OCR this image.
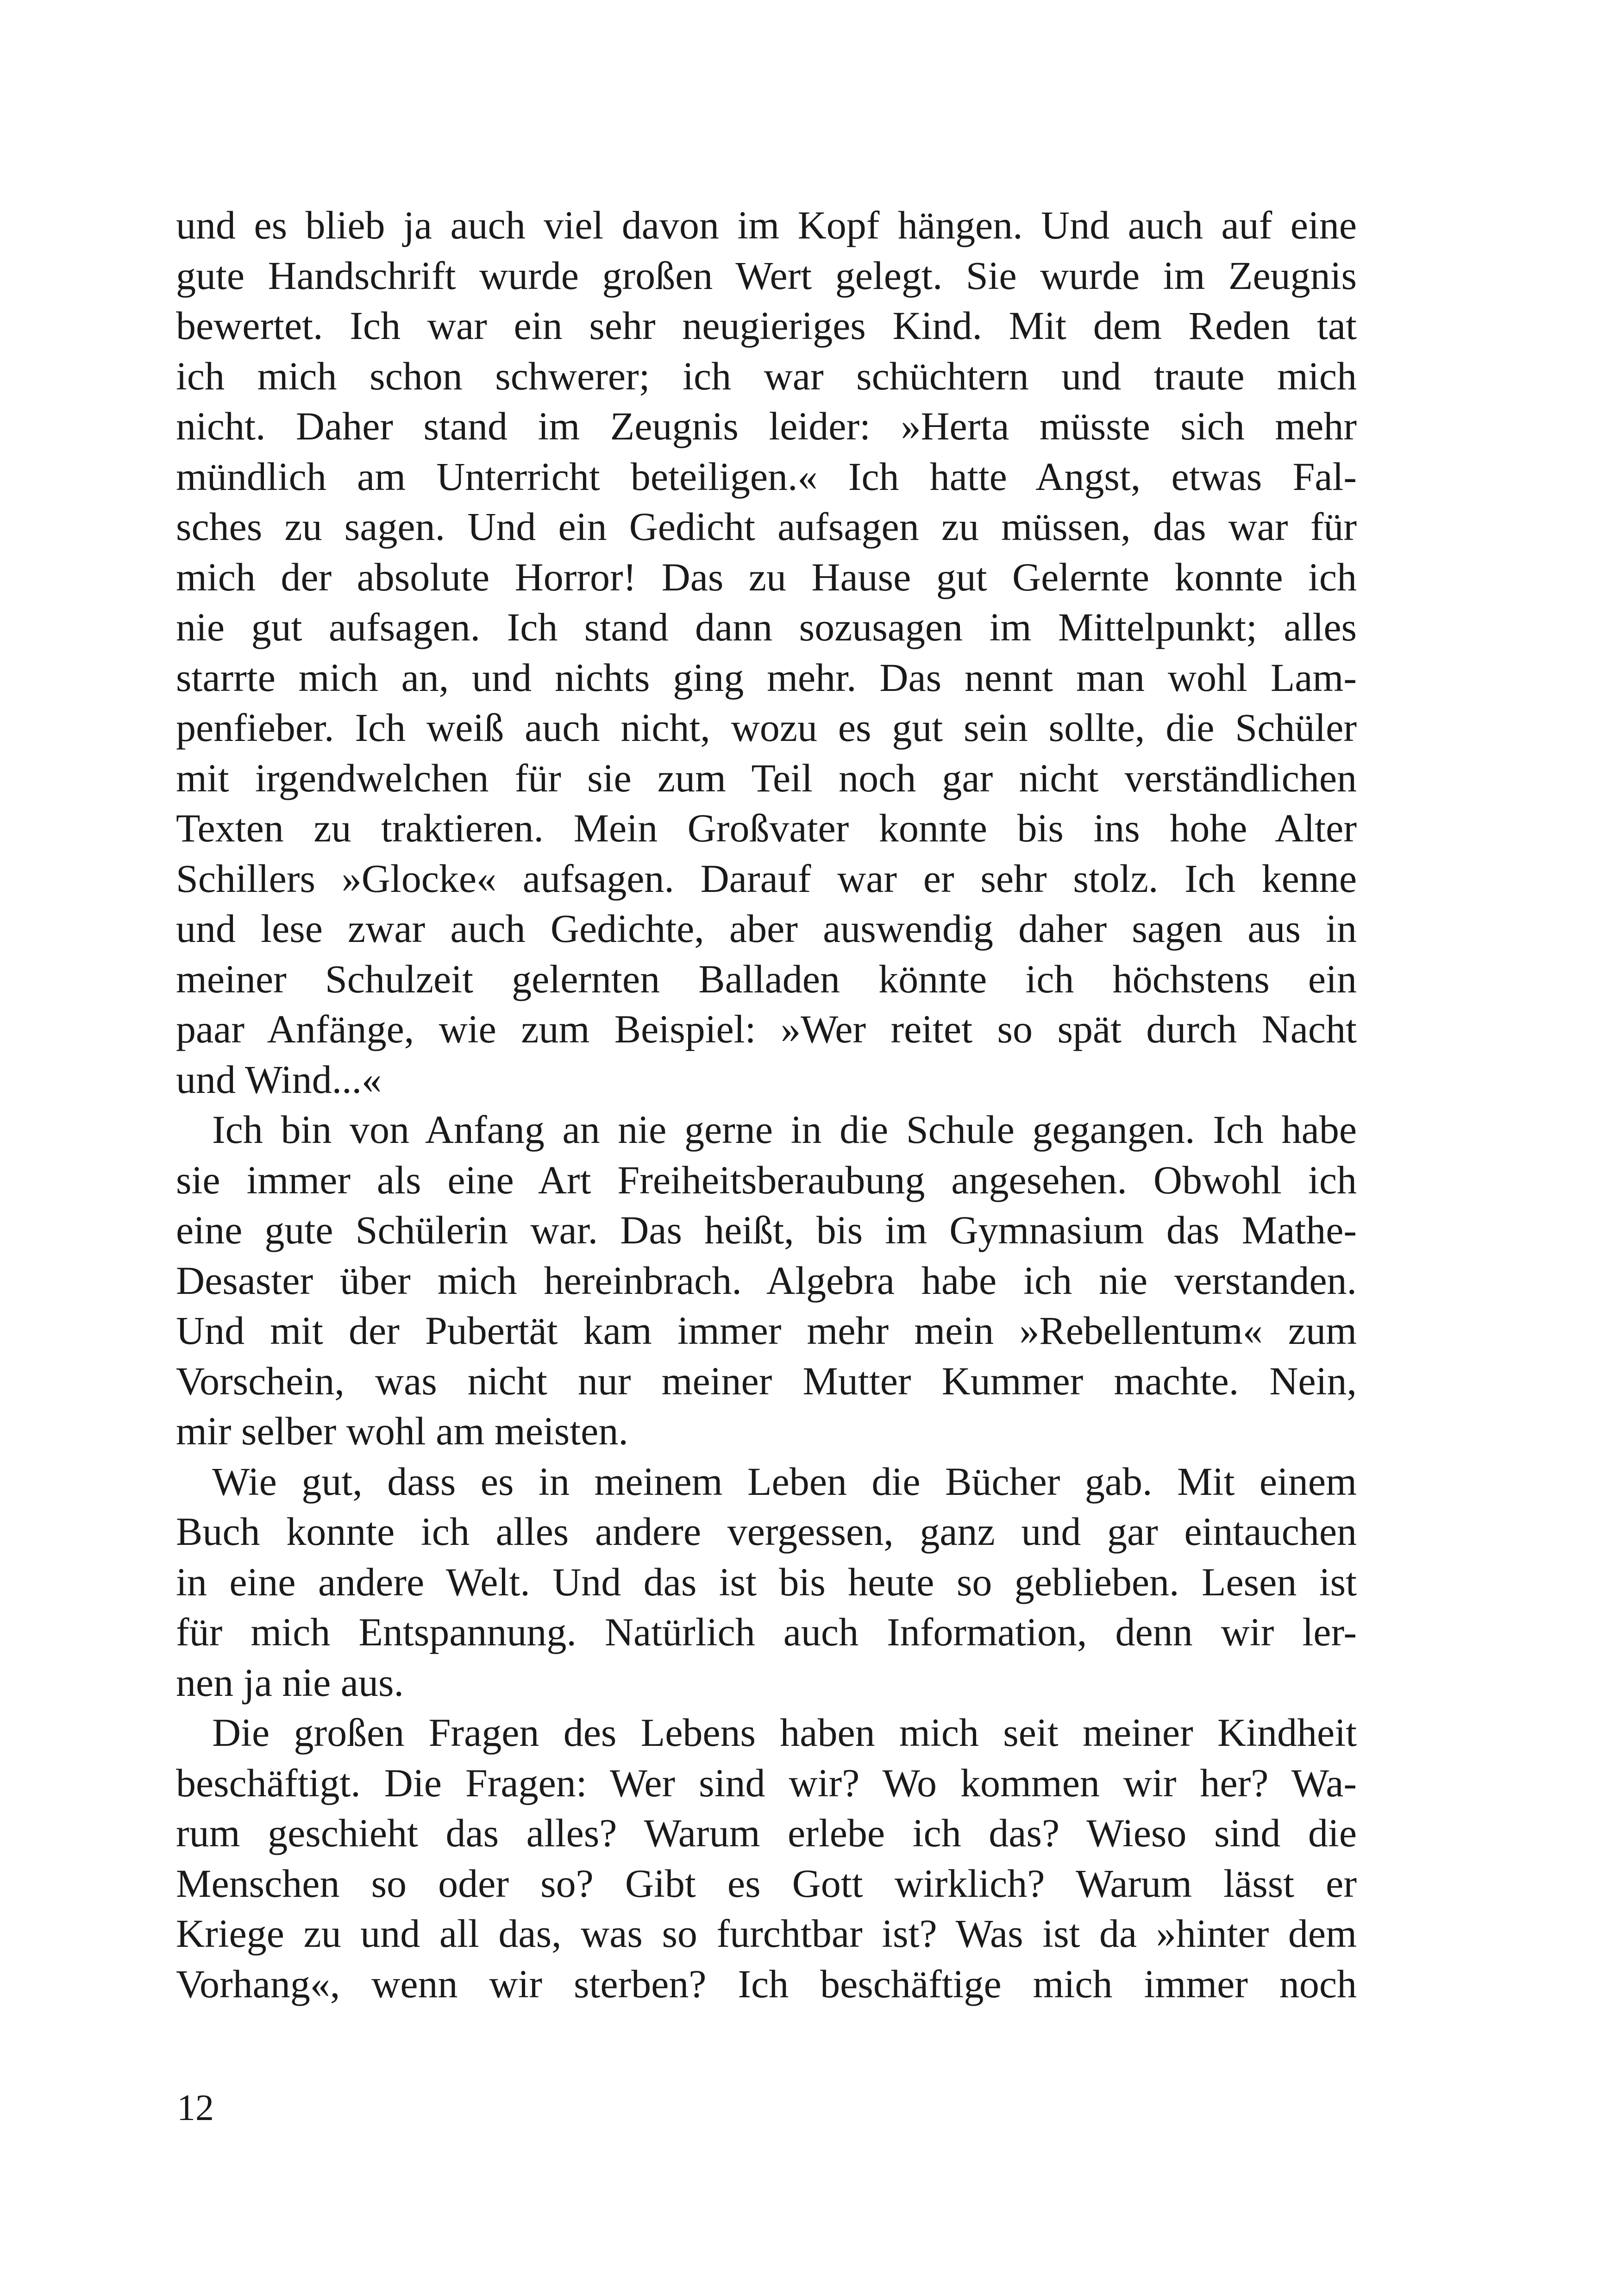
und es blieb ja auch viel davon im Kopf hängen. Und auch auf eine
gute Handschrift wurde großen Wert gelegt. Sie wurde im Zeugnis
bewertet. Ich war ein sehr neugieriges Kind. Mit dem Reden tat
ich mich schon schwerer; ich war schüchtern und traute mich
nicht. Daher stand im Zeugnis leider: »Herta müsste sich mehr
mündlich am Unterricht beteiligen.« Ich hatte Angst, etwas Fal-
sches zu sagen. Und ein Gedicht aufsagen zu müssen, das war für
mich der absolute Horror! Das zu Hause gut Gelernte konnte ich
nie gut aufsagen. Ich stand dann sozusagen im Mittelpunkt; alles
starrte mich an, und nichts ging mehr. Das nennt man wohl Lam-
penfieber. Ich weiß auch nicht, wozu es gut sein sollte, die Schüler
mit irgendwelchen für sie zum Teil noch gar nicht verständlichen
Texten zu traktieren. Mein Großvater konnte bis ins hohe Alter
Schillers »Glocke« aufsagen. Darauf war er sehr stolz. Ich kenne
und lese zwar auch Gedichte, aber auswendig daher sagen aus in
meiner Schulzeit gelernten Balladen könnte ich höchstens ein
paar Anfänge, wie zum Beispiel: »Wer reitet so spät durch Nacht
und Wind...«
Ich bin von Anfang an nie gerne in die Schule gegangen. Ich habe
sie immer als eine Art Freiheitsberaubung angesehen. Obwohl ich
eine gute Schülerin war. Das heißt, bis im Gymnasium das Mathe-
Desaster über mich hereinbrach. Algebra habe ich nie verstanden.
Und mit der Pubertät kam immer mehr mein »Rebellentum« zum
Vorschein, was nicht nur meiner Mutter Kummer machte. Nein,
mir selber wohl am meisten.
Wie gut, dass es in meinem Leben die Bücher gab. Mit einem
Buch konnte ich alles andere vergessen, ganz und gar eintauchen
in eine andere Welt. Und das ist bis heute so geblieben. Lesen ist
für mich Entspannung. Natürlich auch Information, denn wir ler-
nen ja nie aus.
Die großen Fragen des Lebens haben mich seit meiner Kindheit
beschäftigt. Die Fragen: Wer sind wir? Wo kommen wir her? Wa-
rum geschieht das alles? Warum erlebe ich das? Wieso sind die
Menschen so oder so? Gibt es Gott wirklich? Warum lässt er
Kriege zu und all das, was so furchtbar ist? Was ist da »hinter dem
Vorhang«, wenn wir sterben? Ich beschäftige mich immer noch
12
